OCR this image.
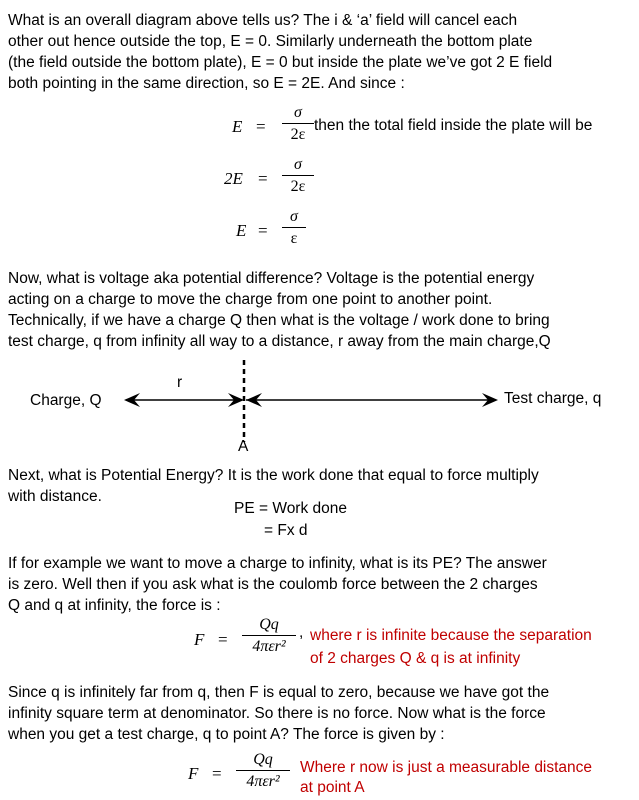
What is an overall diagram above tells us? The i & ‘a’ field will cancel each
other out hence outside the top, E = 0. Similarly underneath the bottom plate
(the field outside the bottom plate), E = 0 but inside the plate we’ve got 2 E field
both pointing in the same direction, so E = 2E. And since :
E =
σ
2ε
then the total field inside the plate will be
2E =
σ
2ε
E =
σ
ε
Now, what is voltage aka potential difference? Voltage is the potential energy
acting on a charge to move the charge from one point to another point.
Technically, if we have a charge Q then what is the voltage / work done to bring
test charge, q from infinity all way to a distance, r away from the main charge,Q
Charge, Q	Test charge, q
r
A
Next, what is Potential Energy? It is the work done that equal to force multiply
with distance.
PE = Work done
= Fx d
If for example we want to move a charge to infinity, what is its PE? The answer
is zero. Well then if you ask what is the coulomb force between the 2 charges
Q and q at infinity, the force is :
F =
Qq
4πεr²
, where r is infinite because the separation
of 2 charges Q & q is at infinity
Since q is infinitely far from q, then F is equal to zero, because we have got the
infinity square term at denominator. So there is no force. Now what is the force
when you get a test charge, q to point A? The force is given by :
F =
Qq
4πεr²
Where r now is just a measurable distance
at point A
